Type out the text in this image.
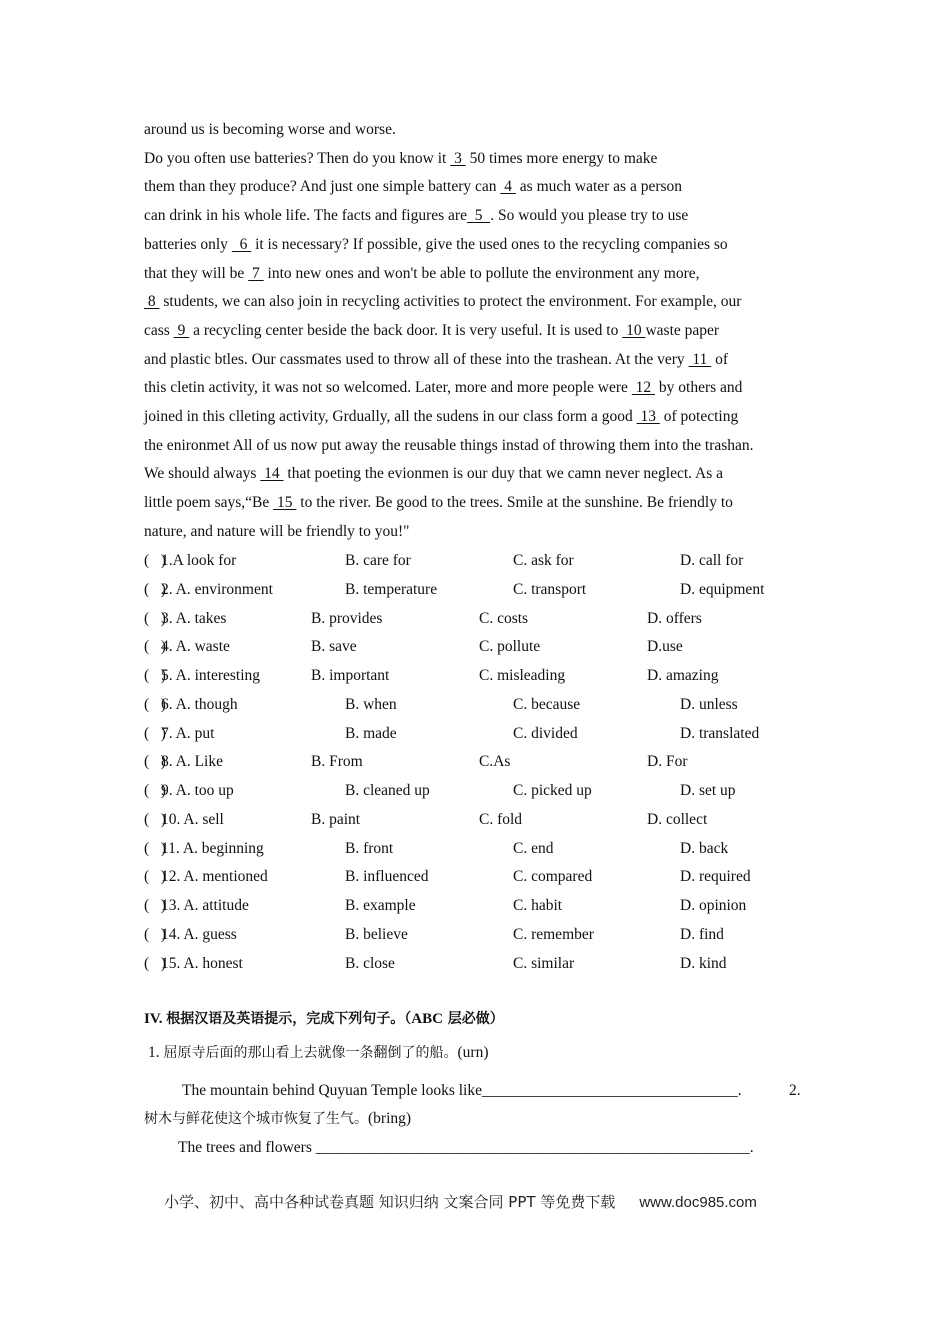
around us is becoming worse and worse.
Do you often use batteries? Then do you know it  3  50 times more energy to make
them than they produce? And just one simple battery can  4  as much water as a person
can drink in his whole life. The facts and figures are  5  . So would you please try to use
batteries only   6  it is necessary? If possible, give the used ones to the recycling companies so
that they will be  7  into new ones and won't be able to pollute the environment any more,
8  students, we can also join in recycling activities to protect the environment. For example, our
cass  9  a recycling center beside the back door. It is very useful. It is used to  10 waste paper
and plastic btles. Our cassmates used to throw all of these into the trashean. At the very  11  of
this cletin activity, it was not so welcomed. Later, more and more people were  12  by others and
joined in this clleting activity, Grdually, all the sudens in our class form a good  13  of potecting
the enironmet All of us now put away the reusable things instad of throwing them into the trashan.
We should always  14  that poeting the evionmen is our duy that we camn never neglect. As a
little poem says,“Be  15  to the river. Be good to the trees. Smile at the sunshine. Be friendly to
nature, and nature will be friendly to you!"
(   )
1.A look for	B. care for	C. ask for	D. call for
(   )
2. A. environment	B. temperature	C. transport	D. equipment
(   )
3. A. takes	B. provides	C. costs	D. offers
(   )
4. A. waste	B. save	C. pollute	D.use
(   )
5. A. interesting	B. important	C. misleading	D. amazing
(   )
6. A. though	B. when	C. because	D. unless
(   )
7. A. put	B. made	C. divided	D. translated
(   )
8. A. Like	B. From	C.As	D. For
(   )
9. A. too up	B. cleaned up	C. picked up	D. set up
(   )
10. A. sell	B. paint	C. fold	D. collect
(   )
11. A. beginning	B. front	C. end	D. back
(   )
12. A. mentioned	B. influenced	C. compared	D. required
(   )
13. A. attitude	B. example	C. habit	D. opinion
(   )
14. A. guess	B. believe	C. remember	D. find
(   )
15. A. honest	B. close	C. similar	D. kind
IV. 根据汉语及英语提示，完成下列句子。（ABC 层必做）
1. 屈原寺后面的那山看上去就像一条翻倒了的船。(urn)
The mountain behind Quyuan Temple looks like_________________________________.	2.
树木与鲜花使这个城市恢复了生气。(bring)
The trees and flowers ________________________________________________________.
小学、初中、高中各种试卷真题 知识归纳 文案合同 PPT 等免费下载 www.doc985.com
